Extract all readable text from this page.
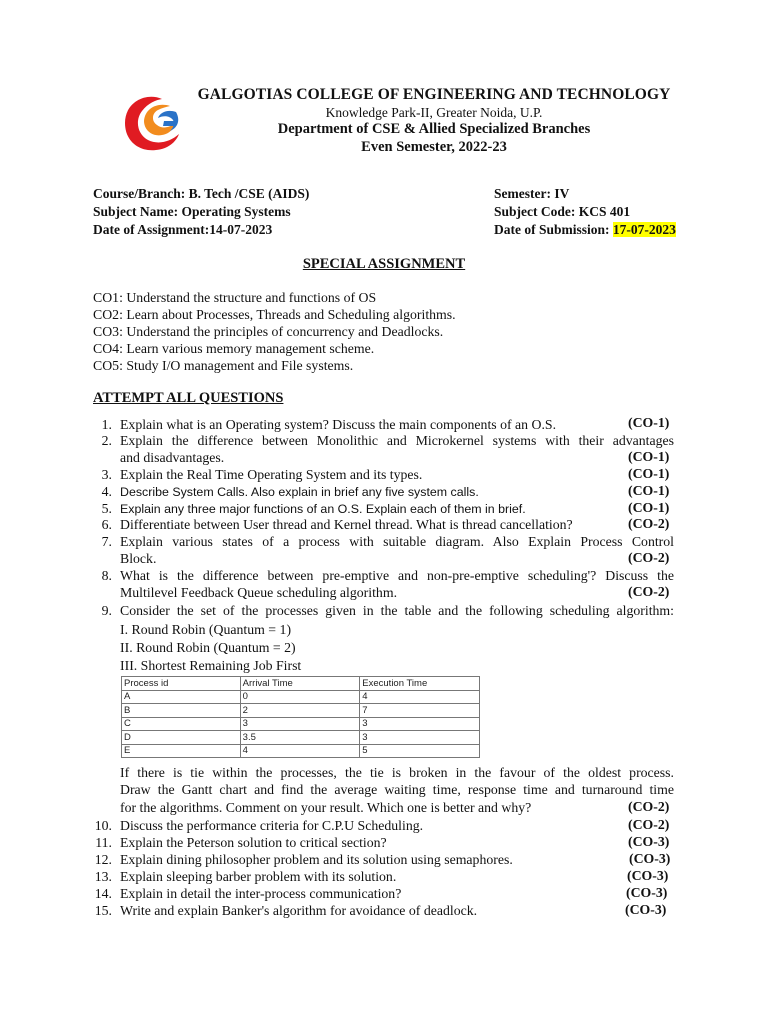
GALGOTIAS COLLEGE OF ENGINEERING AND TECHNOLOGY
Knowledge Park-II, Greater Noida, U.P.
Department of CSE & Allied Specialized Branches
Even Semester, 2022-23
Course/Branch: B. Tech /CSE (AIDS)	Semester: IV
Subject Name: Operating Systems	Subject Code: KCS 401
Date of Assignment:14-07-2023	Date of Submission: 17-07-2023
SPECIAL ASSIGNMENT
CO1: Understand the structure and functions of OS
CO2: Learn about Processes, Threads and Scheduling algorithms.
CO3: Understand the principles of concurrency and Deadlocks.
CO4: Learn various memory management scheme.
CO5: Study I/O management and File systems.
ATTEMPT ALL QUESTIONS
1. Explain what is an Operating system? Discuss the main components of an O.S.	(CO-1)
2. Explain the difference between Monolithic and Microkernel systems with their advantages
and disadvantages.	(CO-1)
3. Explain the Real Time Operating System and its types.	(CO-1)
4. Describe System Calls. Also explain in brief any five system calls.	(CO-1)
5. Explain any three major functions of an O.S. Explain each of them in brief.	(CO-1)
6. Differentiate between User thread and Kernel thread. What is thread cancellation?	(CO-2)
7. Explain various states of a process with suitable diagram. Also Explain Process Control
Block.	(CO-2)
8. What is the difference between pre-emptive and non-pre-emptive scheduling'? Discuss the
Multilevel Feedback Queue scheduling algorithm.	(CO-2)
9. Consider the set of the processes given in the table and the following scheduling algorithm:
I. Round Robin (Quantum = 1)
II. Round Robin (Quantum = 2)
III. Shortest Remaining Job First
Process id	Arrival Time	Execution Time
A	0	4
B	2	7
C	3	3
D	3.5	3
E	4	5
If there is tie within the processes, the tie is broken in the favour of the oldest process.
Draw the Gantt chart and find the average waiting time, response time and turnaround time
for the algorithms. Comment on your result. Which one is better and why?	(CO-2)
10. Discuss the performance criteria for C.P.U Scheduling.	(CO-2)
11. Explain the Peterson solution to critical section?	(CO-3)
12. Explain dining philosopher problem and its solution using semaphores.	(CO-3)
13. Explain sleeping barber problem with its solution.	(CO-3)
14. Explain in detail the inter-process communication?	(CO-3)
15. Write and explain Banker's algorithm for avoidance of deadlock.	(CO-3)
